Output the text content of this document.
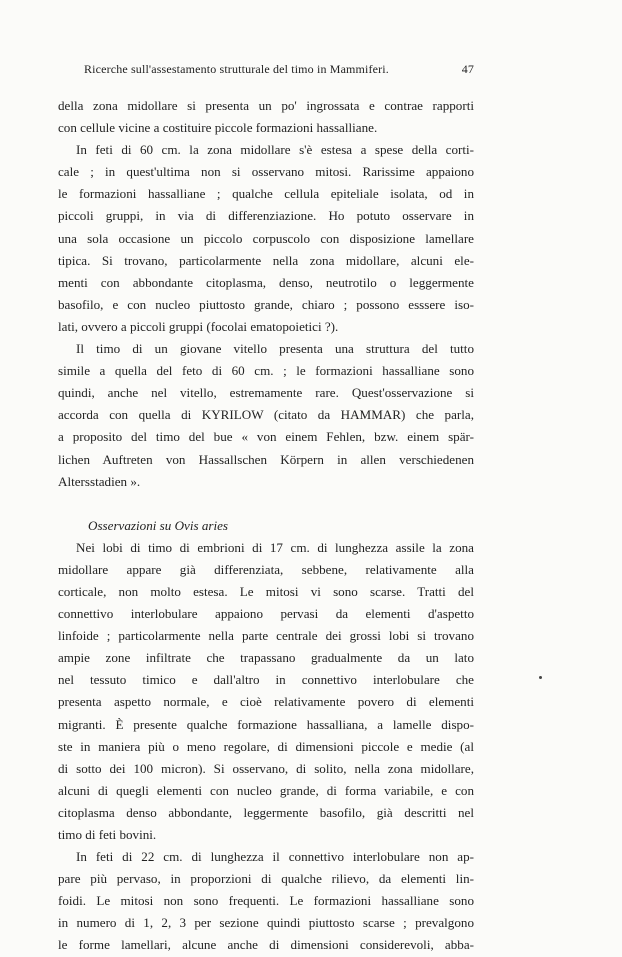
Ricerche sull'assestamento strutturale del timo in Mammiferi.	47
della zona midollare si presenta un po' ingrossata e contrae rapporti
con cellule vicine a costituire piccole formazioni hassalliane.
In feti di 60 cm. la zona midollare s'è estesa a spese della corti-
cale ; in quest'ultima non si osservano mitosi. Rarissime appaiono
le formazioni hassalliane ; qualche cellula epiteliale isolata, od in
piccoli gruppi, in via di differenziazione. Ho potuto osservare in
una sola occasione un piccolo corpuscolo con disposizione lamellare
tipica. Si trovano, particolarmente nella zona midollare, alcuni ele-
menti con abbondante citoplasma, denso, neutrotilo o leggermente
basofilo, e con nucleo piuttosto grande, chiaro ; possono esssere iso-
lati, ovvero a piccoli gruppi (focolai ematopoietici ?).
Il timo di un giovane vitello presenta una struttura del tutto
simile a quella del feto di 60 cm. ; le formazioni hassalliane sono
quindi, anche nel vitello, estremamente rare. Quest'osservazione si
accorda con quella di KYRILOW (citato da HAMMAR) che parla,
a proposito del timo del bue « von einem Fehlen, bzw. einem spär-
lichen Auftreten von Hassallschen Körpern in allen verschiedenen
Altersstadien ».
Osservazioni su Ovis aries
Nei lobi di timo di embrioni di 17 cm. di lunghezza assile la zona
midollare appare già differenziata, sebbene, relativamente alla
corticale, non molto estesa. Le mitosi vi sono scarse. Tratti del
connettivo interlobulare appaiono pervasi da elementi d'aspetto
linfoide ; particolarmente nella parte centrale dei grossi lobi si trovano
ampie zone infiltrate che trapassano gradualmente da un lato
nel tessuto timico e dall'altro in connettivo interlobulare che
presenta aspetto normale, e cioè relativamente povero di elementi
migranti. È presente qualche formazione hassalliana, a lamelle dispo-
ste in maniera più o meno regolare, di dimensioni piccole e medie (al
di sotto dei 100 micron). Si osservano, di solito, nella zona midollare,
alcuni di quegli elementi con nucleo grande, di forma variabile, e con
citoplasma denso abbondante, leggermente basofilo, già descritti nel
timo di feti bovini.
In feti di 22 cm. di lunghezza il connettivo interlobulare non ap-
pare più pervaso, in proporzioni di qualche rilievo, da elementi lin-
foidi. Le mitosi non sono frequenti. Le formazioni hassalliane sono
in numero di 1, 2, 3 per sezione quindi piuttosto scarse ; prevalgono
le forme lamellari, alcune anche di dimensioni considerevoli, abba-
